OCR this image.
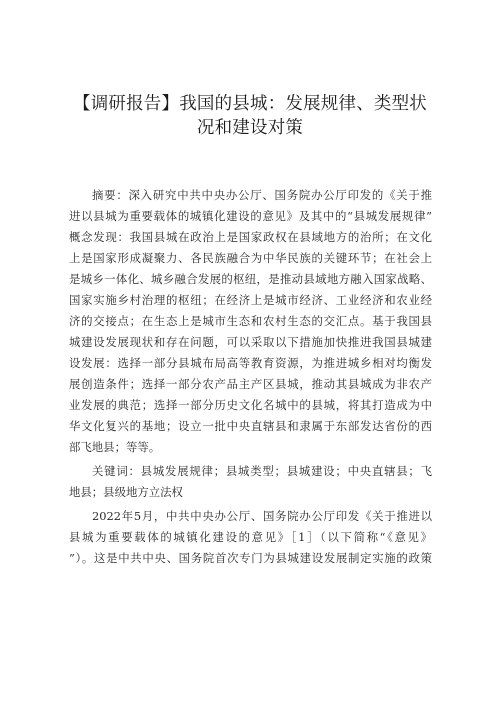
【调研报告】我国的县城：发展规律、类型状
况和建设对策
摘要：深入研究中共中央办公厅、国务院办公厅印发的《关于推
进以县城为重要载体的城镇化建设的意见》及其中的“县城发展规律”
概念发现：我国县城在政治上是国家政权在县域地方的治所；在文化
上是国家形成凝聚力、各民族融合为中华民族的关键环节；在社会上
是城乡一体化、城乡融合发展的枢纽，是推动县域地方融入国家战略、
国家实施乡村治理的枢纽；在经济上是城市经济、工业经济和农业经
济的交接点；在生态上是城市生态和农村生态的交汇点。基于我国县
城建设发展现状和存在问题，可以采取以下措施加快推进我国县城建
设发展：选择一部分县城布局高等教育资源，为推进城乡相对均衡发
展创造条件；选择一部分农产品主产区县城，推动其县城成为非农产
业发展的典范；选择一部分历史文化名城中的县城，将其打造成为中
华文化复兴的基地；设立一批中央直辖县和隶属于东部发达省份的西
部飞地县；等等。
关键词：县城发展规律；县城类型；县城建设；中央直辖县；飞
地县；县级地方立法权
2022年5月，中共中央办公厅、国务院办公厅印发《关于推进以
县城为重要载体的城镇化建设的意见》［1］（以下简称“《意见》
”）。这是中共中央、国务院首次专门为县城建设发展制定实施的政策
